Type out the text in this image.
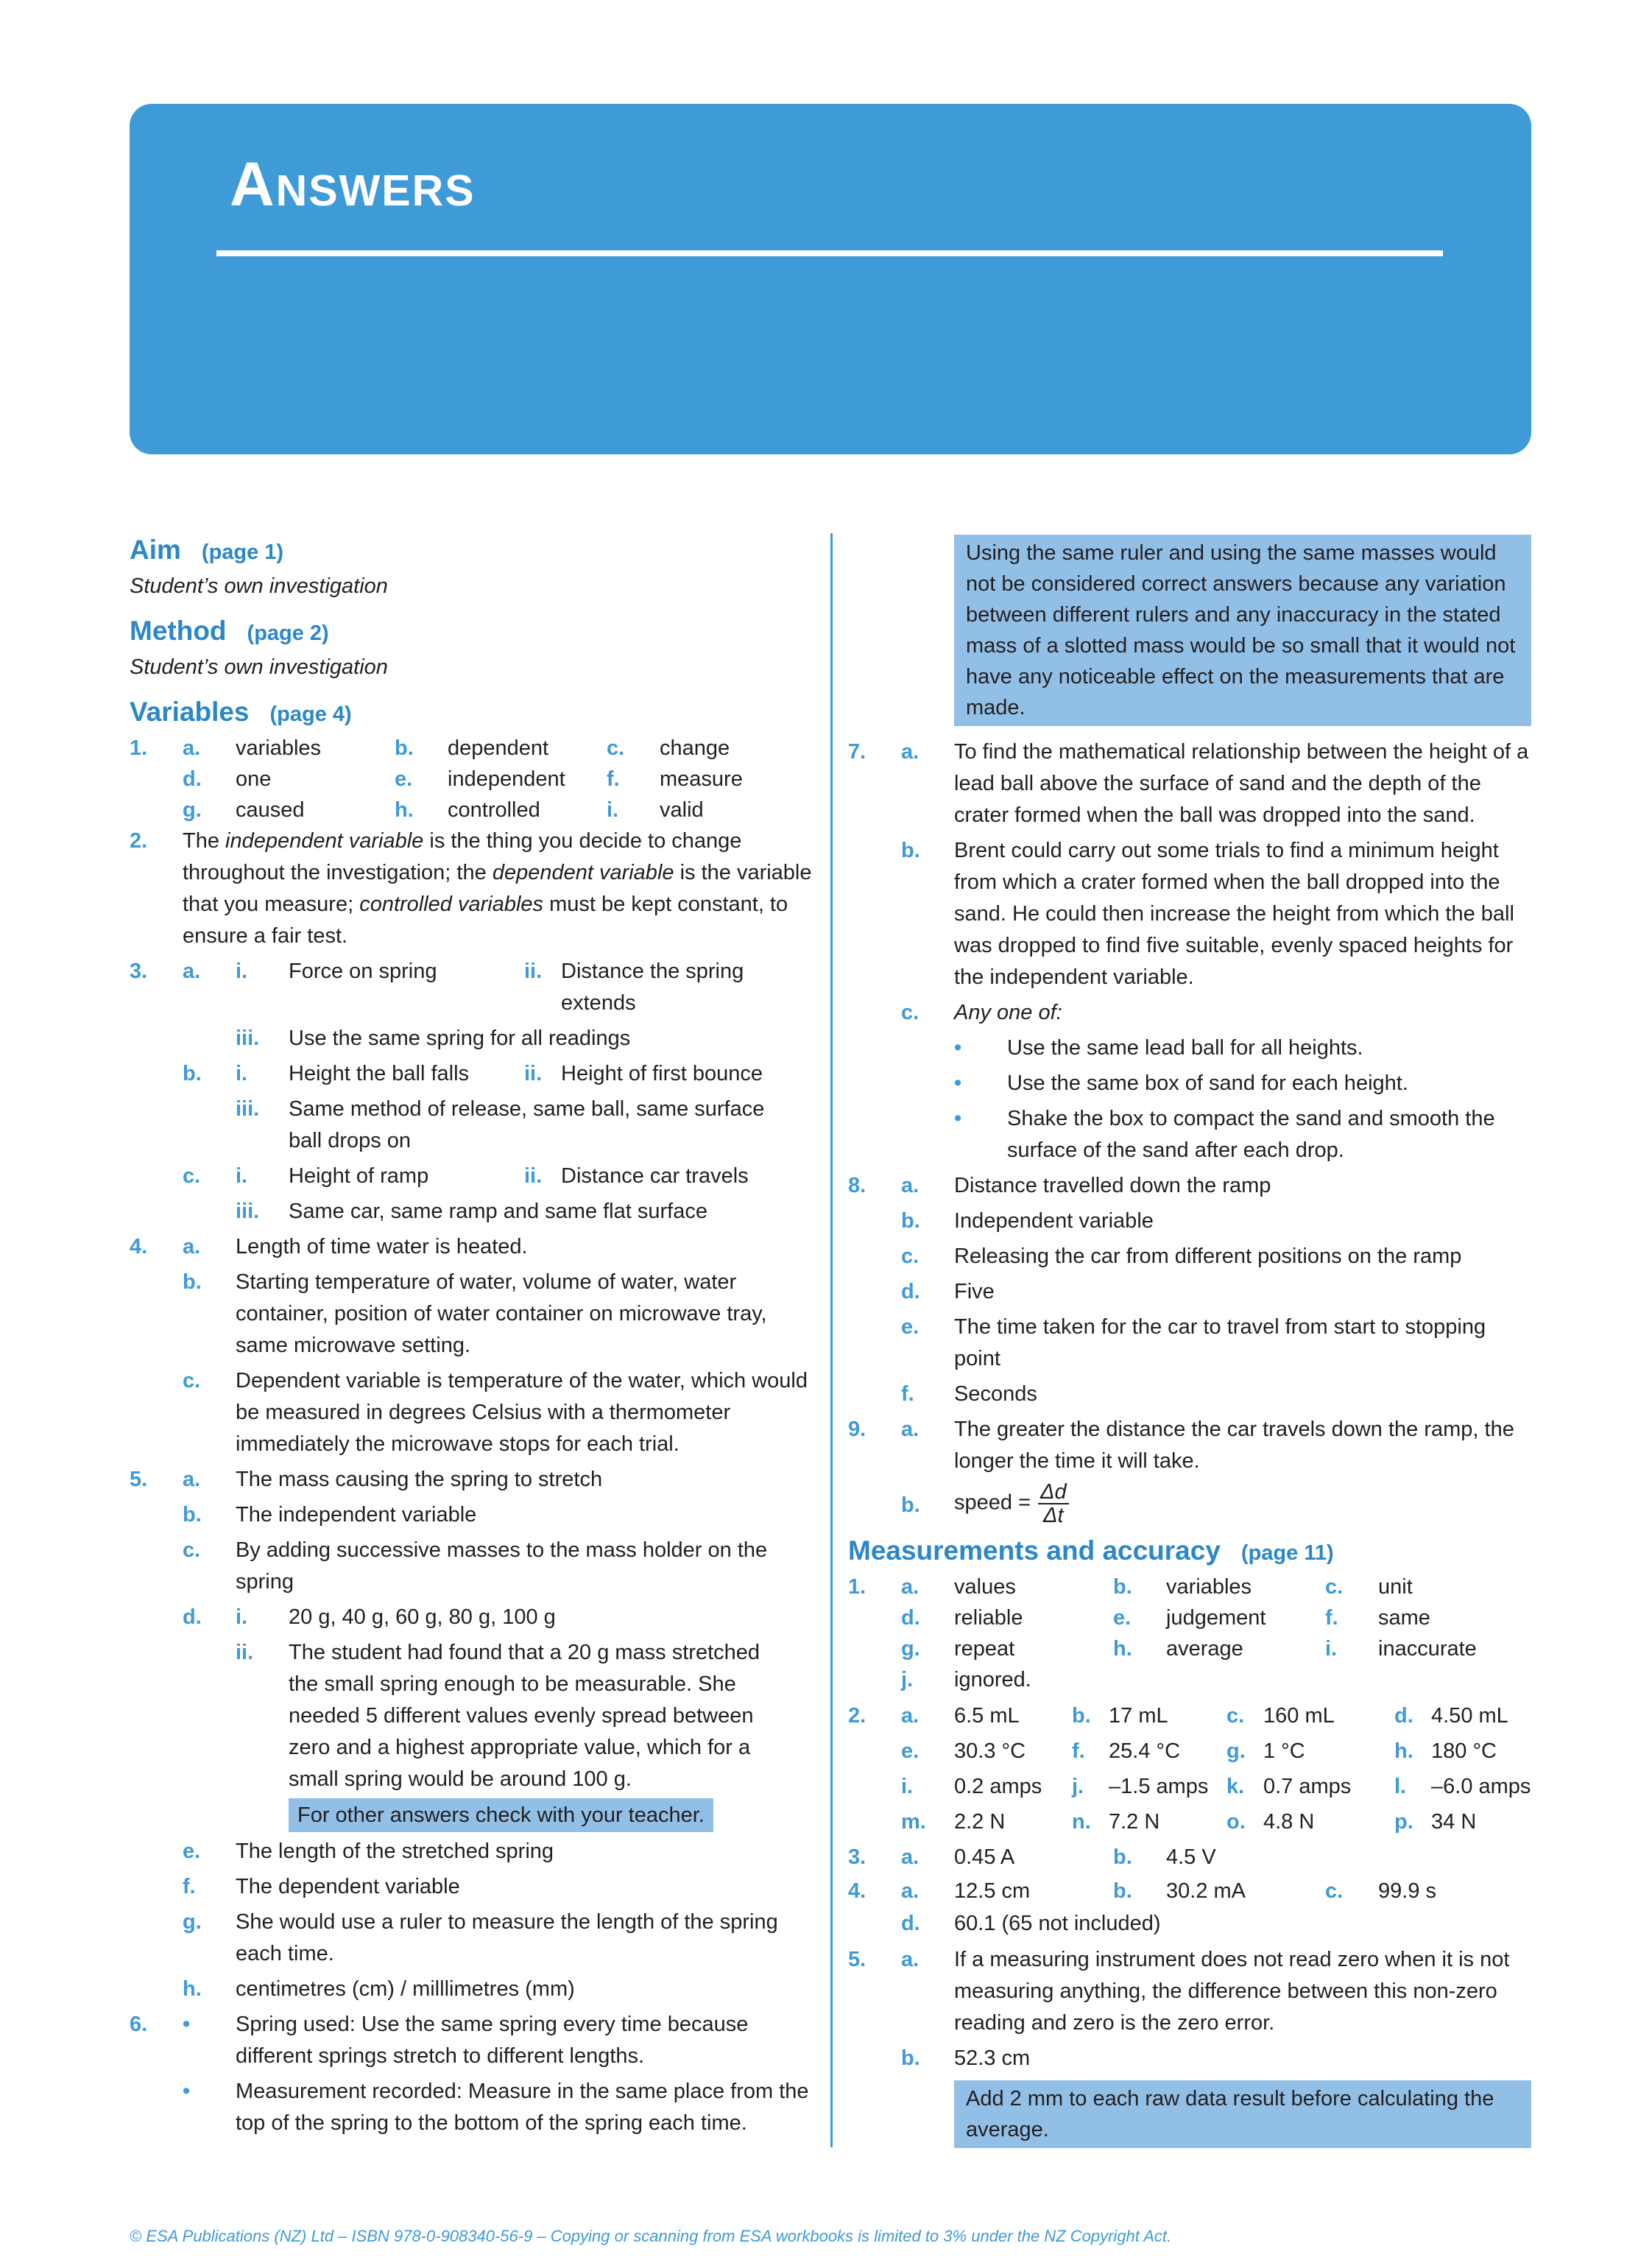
Answers
Aim (page 1)
Student’s own investigation
Method (page 2)
Student’s own investigation
Variables (page 4)
1.	a.	variables	b.	dependent	c.	change
d.	one	e.	independent	f.	measure
g.	caused	h.	controlled	i.	valid
2. The independent variable is the thing you decide to change throughout the investigation; the dependent variable is the variable that you measure; controlled variables must be kept constant, to ensure a fair test.
3.	a. i.	Force on spring	ii. Distance the spring extends
iii. Use the same spring for all readings
b.	i.	Height the ball falls	ii. Height of first bounce
iii. Same method of release, same ball, same surface ball drops on
c.	i.	Height of ramp	ii. Distance car travels
iii. Same car, same ramp and same flat surface
4. a. Length of time water is heated.
b. Starting temperature of water, volume of water, water container, position of water container on microwave tray, same microwave setting.
c. Dependent variable is temperature of the water, which would be measured in degrees Celsius with a thermometer immediately the microwave stops for each trial.
5. a. The mass causing the spring to stretch
b. The independent variable
c. By adding successive masses to the mass holder on the spring
d. i. 20 g, 40 g, 60 g, 80 g, 100 g
ii. The student had found that a 20 g mass stretched the small spring enough to be measurable. She needed 5 different values evenly spread between zero and a highest appropriate value, which for a small spring would be around 100 g.
For other answers check with your teacher.
e. The length of the stretched spring
f. The dependent variable
g. She would use a ruler to measure the length of the spring each time.
h. centimetres (cm) / milllimetres (mm)
6. • Spring used: Use the same spring every time because different springs stretch to different lengths.
• Measurement recorded: Measure in the same place from the top of the spring to the bottom of the spring each time.
Using the same ruler and using the same masses would not be considered correct answers because any variation between different rulers and any inaccuracy in the stated mass of a slotted mass would be so small that it would not have any noticeable effect on the measurements that are made.
7. a. To find the mathematical relationship between the height of a lead ball above the surface of sand and the depth of the crater formed when the ball was dropped into the sand.
b. Brent could carry out some trials to find a minimum height from which a crater formed when the ball dropped into the sand. He could then increase the height from which the ball was dropped to find five suitable, evenly spaced heights for the independent variable.
c. Any one of:
• Use the same lead ball for all heights.
• Use the same box of sand for each height.
• Shake the box to compact the sand and smooth the surface of the sand after each drop.
8. a. Distance travelled down the ramp
b. Independent variable
c. Releasing the car from different positions on the ramp
d. Five
e. The time taken for the car to travel from start to stopping point
f. Seconds
9. a. The greater the distance the car travels down the ramp, the longer the time it will take.
b. speed = $\frac{\Delta d}{\Delta t}$
Measurements and accuracy (page 11)
1.	a.	values	b.	variables	c.	unit
d.	reliable	e.	judgement	f.	same
g.	repeat	h.	average	i.	inaccurate
j.	ignored.
2.	a.	6.5 mL	b. 17 mL	c. 160 mL	d. 4.50 mL
e.	30.3 °C	f.	25.4 °C	g. 1 °C	h. 180 °C
i.	0.2 amps	j.	–1.5 amps k. 0.7 amps	l.	–6.0 amps
m.	2.2 N	n. 7.2 N	o. 4.8 N	p. 34 N
3.	a.	0.45 A	b.	4.5 V
4.	a.	12.5 cm	b.	30.2 mA	c.	99.9 s
d.	60.1 (65 not included)
5. a. If a measuring instrument does not read zero when it is not measuring anything, the difference between this non-zero reading and zero is the zero error.
b. 52.3 cm
Add 2 mm to each raw data result before calculating the average.
© ESA Publications (NZ) Ltd – ISBN 978-0-908340-56-9 – Copying or scanning from ESA workbooks is limited to 3% under the NZ Copyright Act.
